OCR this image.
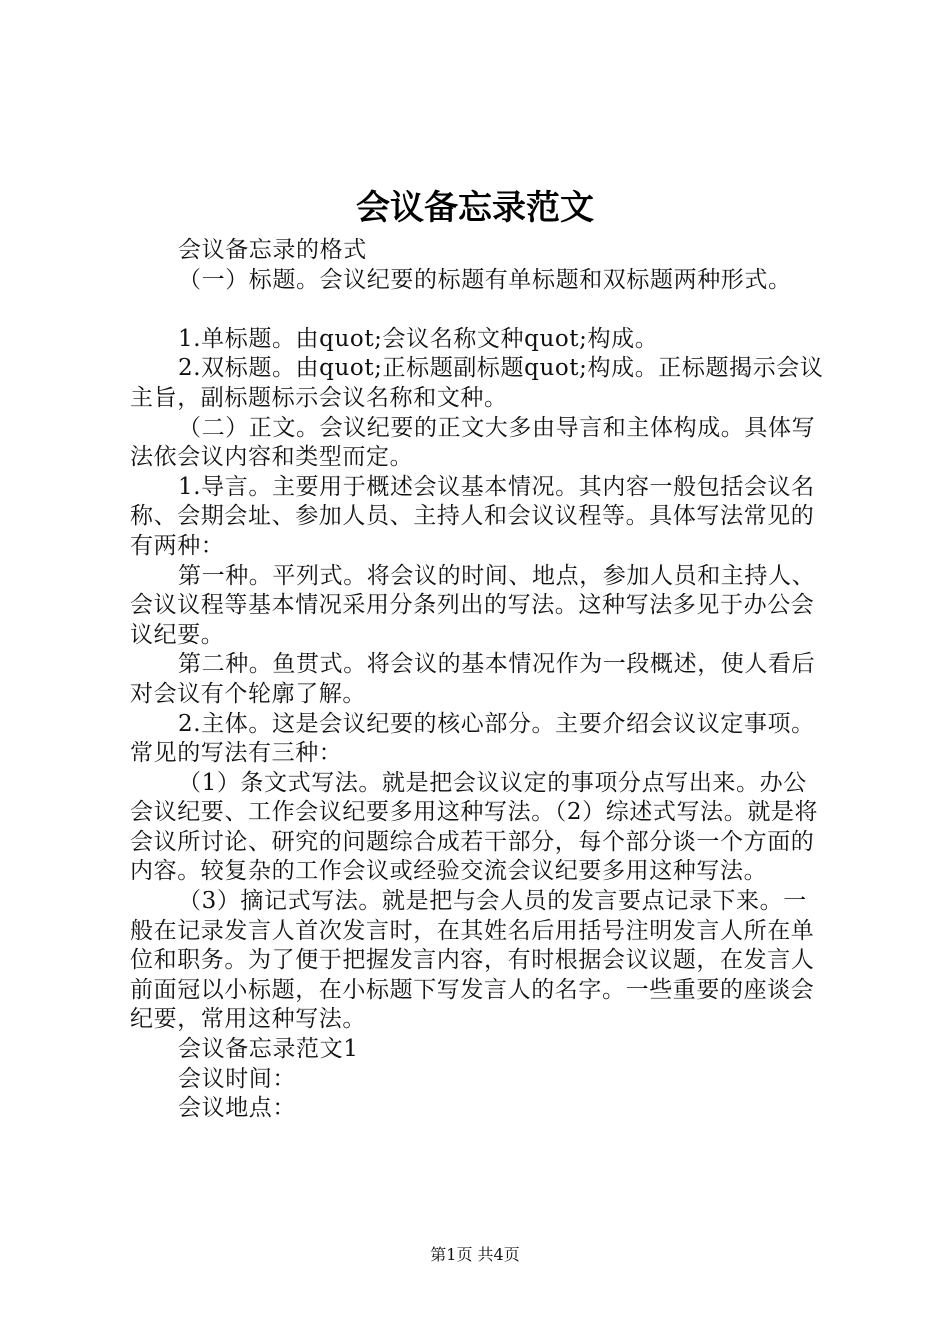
会议备忘录范文

会议备忘录的格式

（一）标题。会议纪要的标题有单标题和双标题两种形式。

1.单标题。由quot;会议名称文种quot;构成。

2.双标题。由quot;正标题副标题quot;构成。正标题揭示会议主旨，副标题标示会议名称和文种。

（二）正文。会议纪要的正文大多由导言和主体构成。具体写法依会议内容和类型而定。

1.导言。主要用于概述会议基本情况。其内容一般包括会议名称、会期会址、参加人员、主持人和会议议程等。具体写法常见的有两种：

第一种。平列式。将会议的时间、地点，参加人员和主持人、会议议程等基本情况采用分条列出的写法。这种写法多见于办公会议纪要。

第二种。鱼贯式。将会议的基本情况作为一段概述，使人看后对会议有个轮廓了解。

2.主体。这是会议纪要的核心部分。主要介绍会议议定事项。常见的写法有三种：

（1）条文式写法。就是把会议议定的事项分点写出来。办公会议纪要、工作会议纪要多用这种写法。（2）综述式写法。就是将会议所讨论、研究的问题综合成若干部分，每个部分谈一个方面的内容。较复杂的工作会议或经验交流会议纪要多用这种写法。

（3）摘记式写法。就是把与会人员的发言要点记录下来。一般在记录发言人首次发言时，在其姓名后用括号注明发言人所在单位和职务。为了便于把握发言内容，有时根据会议议题，在发言人前面冠以小标题，在小标题下写发言人的名字。一些重要的座谈会纪要，常用这种写法。

会议备忘录范文1

会议时间：

会议地点：

第1页 共4页
